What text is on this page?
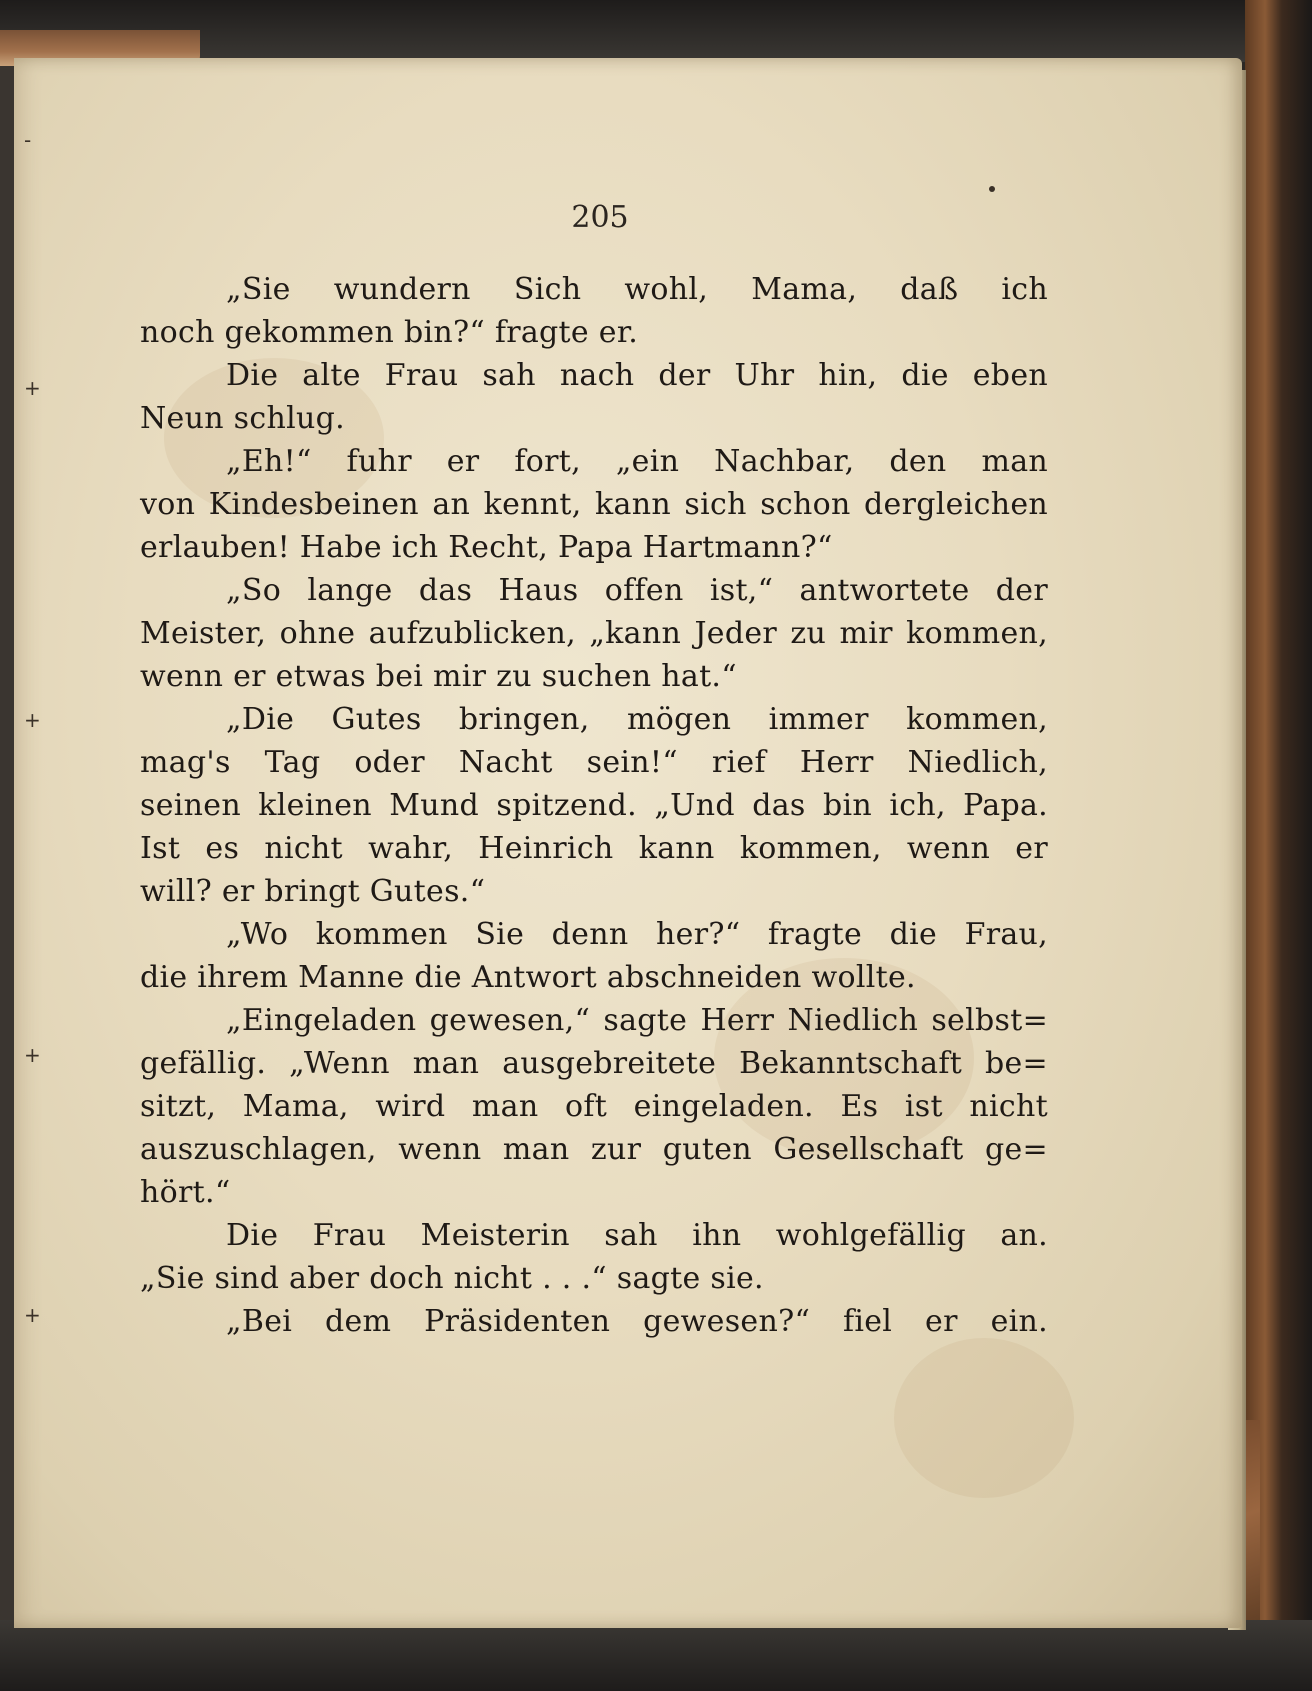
-
+
+
+
+
205
„Sie wundern Sich wohl, Mama, daß ich
noch gekommen bin?“ fragte er.
Die alte Frau sah nach der Uhr hin, die eben
Neun schlug.
„Eh!“ fuhr er fort, „ein Nachbar, den man
von Kindesbeinen an kennt, kann sich schon dergleichen
erlauben! Habe ich Recht, Papa Hartmann?“
„So lange das Haus offen ist,“ antwortete der
Meister, ohne aufzublicken, „kann Jeder zu mir kommen,
wenn er etwas bei mir zu suchen hat.“
„Die Gutes bringen, mögen immer kommen,
mag's Tag oder Nacht sein!“ rief Herr Niedlich,
seinen kleinen Mund spitzend. „Und das bin ich, Papa.
Ist es nicht wahr, Heinrich kann kommen, wenn er
will? er bringt Gutes.“
„Wo kommen Sie denn her?“ fragte die Frau,
die ihrem Manne die Antwort abschneiden wollte.
„Eingeladen gewesen,“ sagte Herr Niedlich selbst=
gefällig. „Wenn man ausgebreitete Bekanntschaft be=
sitzt, Mama, wird man oft eingeladen. Es ist nicht
auszuschlagen, wenn man zur guten Gesellschaft ge=
hört.“
Die Frau Meisterin sah ihn wohlgefällig an.
„Sie sind aber doch nicht . . .“ sagte sie.
„Bei dem Präsidenten gewesen?“ fiel er ein.
